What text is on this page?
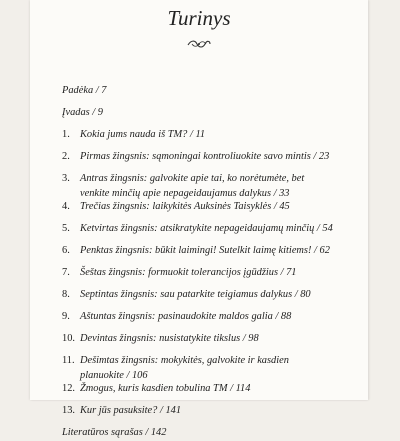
Turinys
Padėka / 7
Įvadas / 9
1. Kokia jums nauda iš TM? / 11
2. Pirmas žingsnis: sąmoningai kontroliuokite savo mintis / 23
3. Antras žingsnis: galvokite apie tai, ko norėtumėte, bet
venkite minčių apie nepageidaujamus dalykus / 33
4. Trečias žingsnis: laikykitės Auksinės Taisyklės / 45
5. Ketvirtas žingsnis: atsikratykite nepageidaujamų minčių / 54
6. Penktas žingsnis: būkit laimingi! Sutelkit laimę kitiems! / 62
7. Šeštas žingsnis: formuokit tolerancijos įgūdžius / 71
8. Septintas žingsnis: sau patarkite teigiamus dalykus / 80
9. Aštuntas žingsnis: pasinaudokite maldos galia / 88
10. Devintas žingsnis: nusistatykite tikslus / 98
11. Dešimtas žingsnis: mokykitės, galvokite ir kasdien
planuokite / 106
12. Žmogus, kuris kasdien tobulina TM / 114
13. Kur jūs pasuksite? / 141
Literatūros sąrašas / 142
